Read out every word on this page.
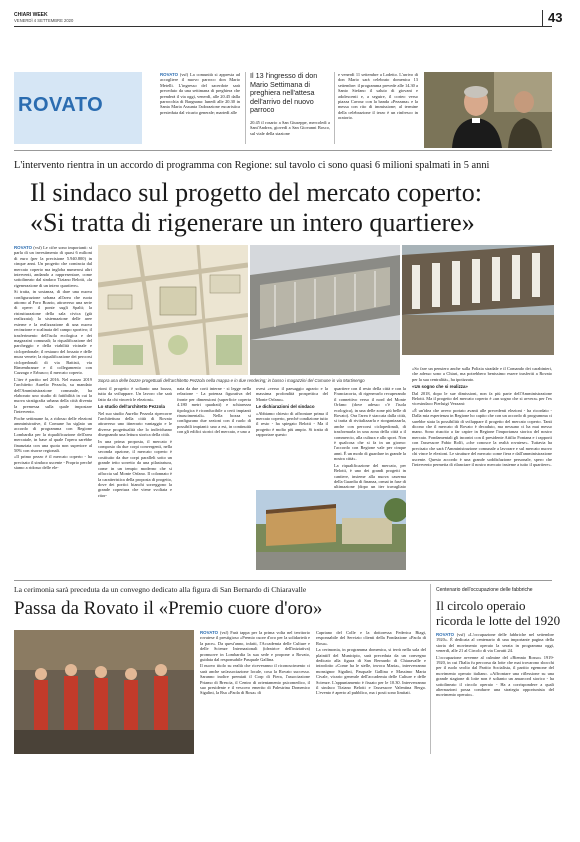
CHIARI WEEK
VENERDÌ 4 SETTEMBRE 2020	43
ROVATO
ROVATO (vsf) La comunità si appresta ad accogliere il nuovo parroco don Mario Metelli. L'ingresso del sacerdote sarà preceduto da una settimana di preghiera che prenderà il via oggi, venerdì, alle 20.45 dalla parrocchia di Bargnana: lunedì alle 20.30 in Santa Maria Assunta l'adorazione eucaristica presieduta dal vicario generale; martedì alle
Il 13 l'ingresso di don Mario Settimana di preghiera nell'attesa dell'arrivo del nuovo parroco
20.45 il rosario a San Giuseppe, mercoledì a Sant'Andrea, giovedì a San Giovanni Bosco, sul viale della stazione
e venerdì 11 settembre a Lodetto. L'arrivo di don Mario sarà celebrato domenica 13 settembre: il programma prevede alle 14.30 a Santo Stefano il saluto di giovani e adolescenti e, a seguire, il corteo verso piazza Cavour con la banda «Pezzana» e la messa con rito di immissione; al termine della celebrazione il terzo è un rinfresco in oratorio.
L'intervento rientra in un accordo di programma con Regione: sul tavolo ci sono quasi 6 milioni spalmati in 5 anni
Il sindaco sul progetto del mercato coperto:
«Si tratta di rigenerare un intero quartiere»

ROVATO (vsf) Le cifre sono importanti: si parla di un investimento di quasi 6 milioni di euro (per la precisione 5.940.800) in cinque anni. Un progetto che comincia dal mercato coperto ma ingloba numerosi altri interventi, andando a rappresentare, come sottolineato dal sindaco Tiziano Belotti, «la rigenerazione di un intero quartiere».

Si tratta, in sostanza, di dare una nuova configurazione urbana all'area che ruota attorno al Foro Boario, attraverso una serie di opere: il ponte sugli Spalti; la ristrutturazione della sala civica (già realizzata); la sistemazione delle aree esterne e la realizzazione di una nuova recinzione e scalinata del campo sportivo; il trasferimento dell'isola ecologica e dei magazzini comunali; la riqualificazione del parcheggio e della viabilità vicinale e ciclopedonale; il restauro del fossato e delle mura venete; la riqualificazione dei percorsi ciclopedonali di via Battisti, via Rimembranze e il collegamento con Cazzago e Erbusco; il mercato coperto.

L'iter è partito nel 2016. Nel marzo 2019 l'architetto Aurelio Pezzola, su mandato dell'Amministrazione comunale, ha elaborato uno studio di fattibilità in cui la nuova stratigrafia urbana della città diventa la premessa sulla quale impostare l'intervento.

Poche settimane fa, a ridosso delle elezioni amministrative, il Comune ha siglato un accordo di programma con Regione Lombardia per la riqualificazione dell'area mercatale, in base al quale l'opera sarebbe finanziata con una quota non superiore al 50% con risorse regionali.

«Il primo pezzo è il mercato coperto - ha precisato il sindaco uscente - Proprio perché siamo a ridosso delle ele-

Sopra una delle bozze progettuali dell'architetto Pezzola nella mappa e in due rendering; in basso i magazzini del Comune in via Martinengo

zioni il progetto è soltanto una bozza, tutta da sviluppare. Un lavoro che sarà fatto da chi vincerà le elezioni».

Lo studio dell'architetto Pezzola

Nel suo studio Aurelio Pezzola ripercorre l'architettura della città di Rovato attraverso uno itinerario vantaggio e le diverse progettualità che lo individuano disegnando una lettura storica della città.

In una prima proposta, il mercato è composto da due corpi convergenti, nella seconda opzione, il mercato coperto è costituito da due corpi paralleli sotto un grande tetto sorretto da una pilastratura, come in un tempio moderno che si affaccia sul Monte Orfano. Il colonnato è la caratteristica della proposta di progetto, dove dei portici bianchi sorreggono la grande copertura che viene svoltata e ritor-

nata da due corti interne - si legge nella relazione - La potenza figurativa del fronte per dimensioni (superficie coperta 4.180 metri quadrati) e schiarezza tipologica è riconducibile a certi impianti rinascimentali». Nella bozza si configurano due sezioni con il ruolo di possibili impianti: uno a est, in continuità con gli edifici storici del mercato, e uno a

ovest «verso il paesaggio agrario e la massima profondità prospettica del Monte Orfano».

Le dichiarazioni del sindaco

«Abbiamo chiesto di affrontare prima il mercato coperto, perché condizione tutto il resto - ha spiegato Belotti - Ma il progetto è molto più ampio. Si tratta di rapportare questo

quartiere con il resto della città e con la Franciacorta, di rigenerarlo recuperando il connettivo verso il nord del Monte Orfano (dove adesso c'è l'isola ecologica), in una delle zone più belle di Rovato). Ora l'area è staccata dalla città, si tratta di rivitalizzarla e riorganizzarla, anche con percorsi ciclopedonali, di trasformarla in una zona della città a il commercio, alla cultura e allo sport. Non è qualcosa che si fa in un giorno: l'accordo con Regione vale per cinque anni. È un modo di guardare in grande la nostra città».

La riqualificazione del mercato, per Belotti, è uno dei grandi progetti in cantiere, insieme alla nuova caserma della Guardia di finanza, ormai in fase di ultimazione (dopo un iter travagliato

«So fare un pensiero anche sulla Polizia stradale e il Comando dei carabinieri, che adesso sono a Chiari, ma potrebbero benissimo essere trasferiti a Rovato per la sua centralità», ha ipotizzato.

«Un sogno che si realizza»

Dal 2018, dopo le sue dimissioni, non fa più parte dell'Amministrazione Belotti. Ma il progetto del mercato coperto è «un sogno che si avvera» per l'ex vicesindaco Pierluigi Vezzani:

«È un'idea che avevo portato avanti alle precedenti elezioni - ha ricordato - Dalla mia esperienza in Regione ho capito che con un accordo di programma ci sarebbe stata la possibilità di sviluppare il progetto del mercato coperto. Tanti dicono che il mercato di Rovato è decaduto, ma nessuno ci ha mai messo mano. Sono riuscito a far capire in Regione l'importanza storica del nostro mercato. Fondamentali gli incontri con il presidente Attilio Fontana e i rapporti con l'assessore Fabio Rolfi, «che conosce la realtà rovatese». Tuttavia ha precisato che sarà l'Amministrazione comunale a lavorare e sul mercato nuovo chi vince le elezioni. Le strutture del mercato come fiera e dall'amministrazione uscente. Questo accordo è una grande soddisfazione personale, spero che l'intervento permetta di rilanciare il nostro mercato insieme a tutto il quartiere».

La cerimonia sarà preceduta da un convegno dedicato alla figura di San Bernardo di Chiaravalle
Passa da Rovato il «Premio cuore d'oro»

ROVATO (vsf) Farà tappa per la prima volta nel territorio rovatese il prestigioso «Premio cuore d'oro per la solidarietà e la pace». Da quest'anno, infatti, l'Accademia delle Culture e delle Scienze Internazionali (ideatrice dell'iniziativa) promuove in Lombardia la sua sede e propone a Rovato, guidata dal responsabile Pasquale Gallina.

Il nuovo titolo su realtà che riceveranno il riconoscimento ci sarà anche un'associazione locale, cosa la Rovato successo. Saranno inoltre premiati il Corp di Fiera, l'associazione Priamo di Brescia, il Centro di orientamento psicomedico, il suo presidente e il vescovo emerito di Palestrina Domenico Sigalini, la Rsa «Paola di Rosa» di

Capriano del Colle e la dottoressa Federica Biagi, responsabile del Servizio clienti della Fondazione «Paola di Rosa».

La cerimonia, in programma domenica, si terrà nella sala del plaintiff del Municipio, sarà preceduta da un convegno dedicato alla figura di San Bernardo di Chiaravalle e introdotto «Come ha le stelle, invoca Maria», interverranno monsignor Sigalini, Pasquale Gallina e Massimo Maria Civale, vicario generale dell'accademia delle Culture e delle Scienze. L'appuntamento è fissato per le 10.30. Interverranno il sindaco Tiziano Belotti e l'assessore Valentina Bergo. L'evento è aperto al pubblico, ma i posti sono limitati.

Centenario dell'occupazione delle fabbriche
Il circolo operaio
ricorda le lotte del 1920

ROVATO (vsf) «L'occupazione delle fabbriche nel settembre 1920». È dedicata al centenario di una importante pagina della storia del movimento operaio la serata in programma oggi, venerdì, alle 21 al Circolo di via Cavatti 24.

L'occupazione avvenne al culmine del «Biennio Rosso» 1919-1920, in cui l'Italia fu percorsa da lotte che mai trovarono sbocchi per il ruolo svolto dal Partito Socialista, il partito egemone del movimento operaio italiano. «Affrontare una riflessione su una grande stagione di lotte non è soltanto un amarcord storico - ha sottolineato il circolo operaio - Ha a corrispondere a quali alternazioni possa condurre una strategia opportunista del movimento operaio».
